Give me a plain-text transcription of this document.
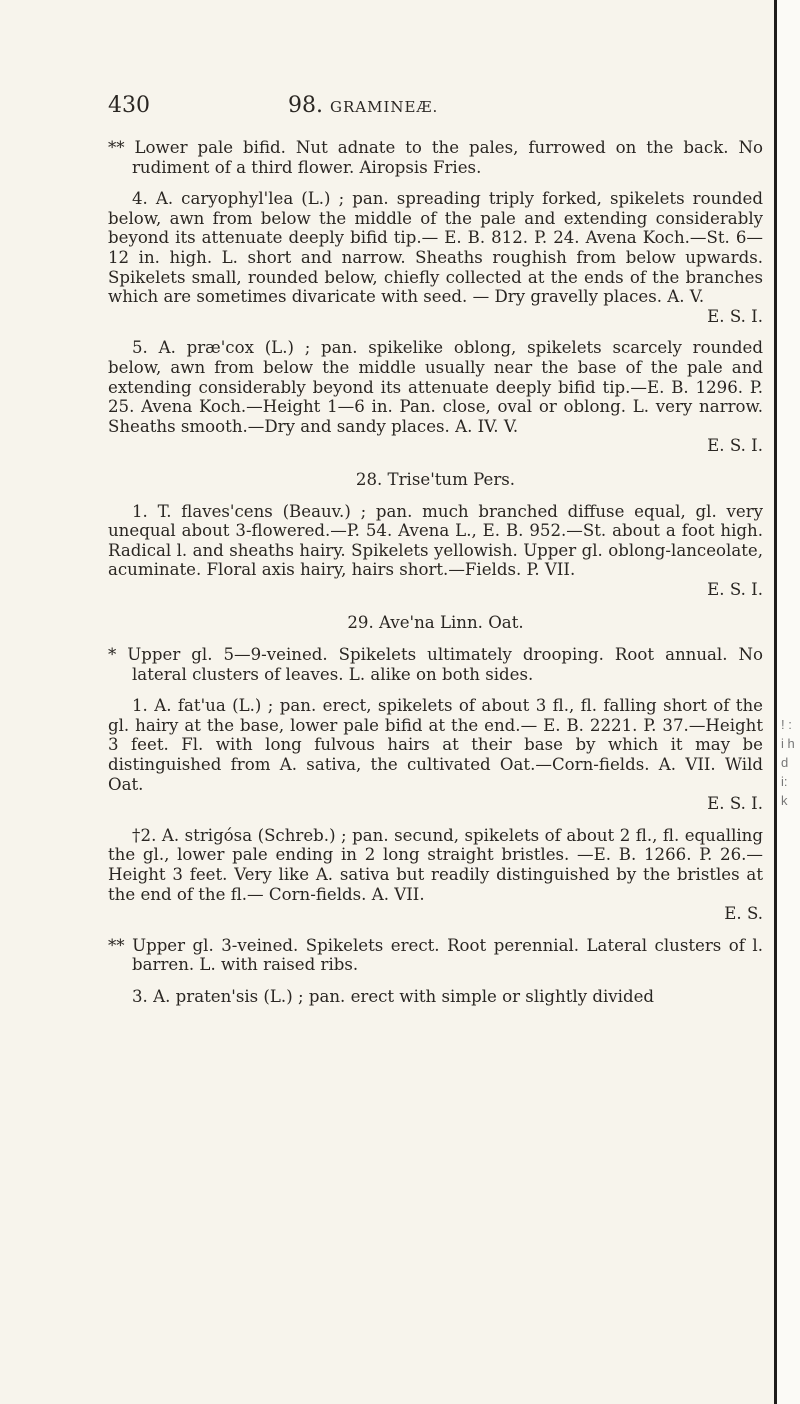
430	98. GRAMINEÆ.

** Lower pale bifid. Nut adnate to the pales, furrowed on the back. No rudiment of a third flower. Airopsis Fries.

4. A. caryophyl'lea (L.) ; pan. spreading triply forked, spikelets rounded below, awn from below the middle of the pale and extending considerably beyond its attenuate deeply bifid tip.— E. B. 812. P. 24. Avena Koch.—St. 6—12 in. high. L. short and narrow. Sheaths roughish from below upwards. Spikelets small, rounded below, chiefly collected at the ends of the branches which are sometimes divaricate with seed. — Dry gravelly places. A. V.

E. S. I.

5. A. præ'cox (L.) ; pan. spikelike oblong, spikelets scarcely rounded below, awn from below the middle usually near the base of the pale and extending considerably beyond its attenuate deeply bifid tip.—E. B. 1296. P. 25. Avena Koch.—Height 1—6 in. Pan. close, oval or oblong. L. very narrow. Sheaths smooth.—Dry and sandy places. A. IV. V.

E. S. I.

28. Trise'tum Pers.

1. T. flaves'cens (Beauv.) ; pan. much branched diffuse equal, gl. very unequal about 3-flowered.—P. 54. Avena L., E. B. 952.—St. about a foot high. Radical l. and sheaths hairy. Spikelets yellowish. Upper gl. oblong-lanceolate, acuminate. Floral axis hairy, hairs short.—Fields. P. VII.

E. S. I.

29. Ave'na Linn. Oat.

* Upper gl. 5—9-veined. Spikelets ultimately drooping. Root annual. No lateral clusters of leaves. L. alike on both sides.

1. A. fat'ua (L.) ; pan. erect, spikelets of about 3 fl., fl. falling short of the gl. hairy at the base, lower pale bifid at the end.— E. B. 2221. P. 37.—Height 3 feet. Fl. with long fulvous hairs at their base by which it may be distinguished from A. sativa, the cultivated Oat.—Corn-fields. A. VII. Wild Oat.

E. S. I.

†2. A. strigósa (Schreb.) ; pan. secund, spikelets of about 2 fl., fl. equalling the gl., lower pale ending in 2 long straight bristles. —E. B. 1266. P. 26.—Height 3 feet. Very like A. sativa but readily distinguished by the bristles at the end of the fl.— Corn-fields. A. VII.

E. S.

** Upper gl. 3-veined. Spikelets erect. Root perennial. Lateral clusters of l. barren. L. with raised ribs.

3. A. praten'sis (L.) ; pan. erect with simple or slightly divided

! : i h d i: k
